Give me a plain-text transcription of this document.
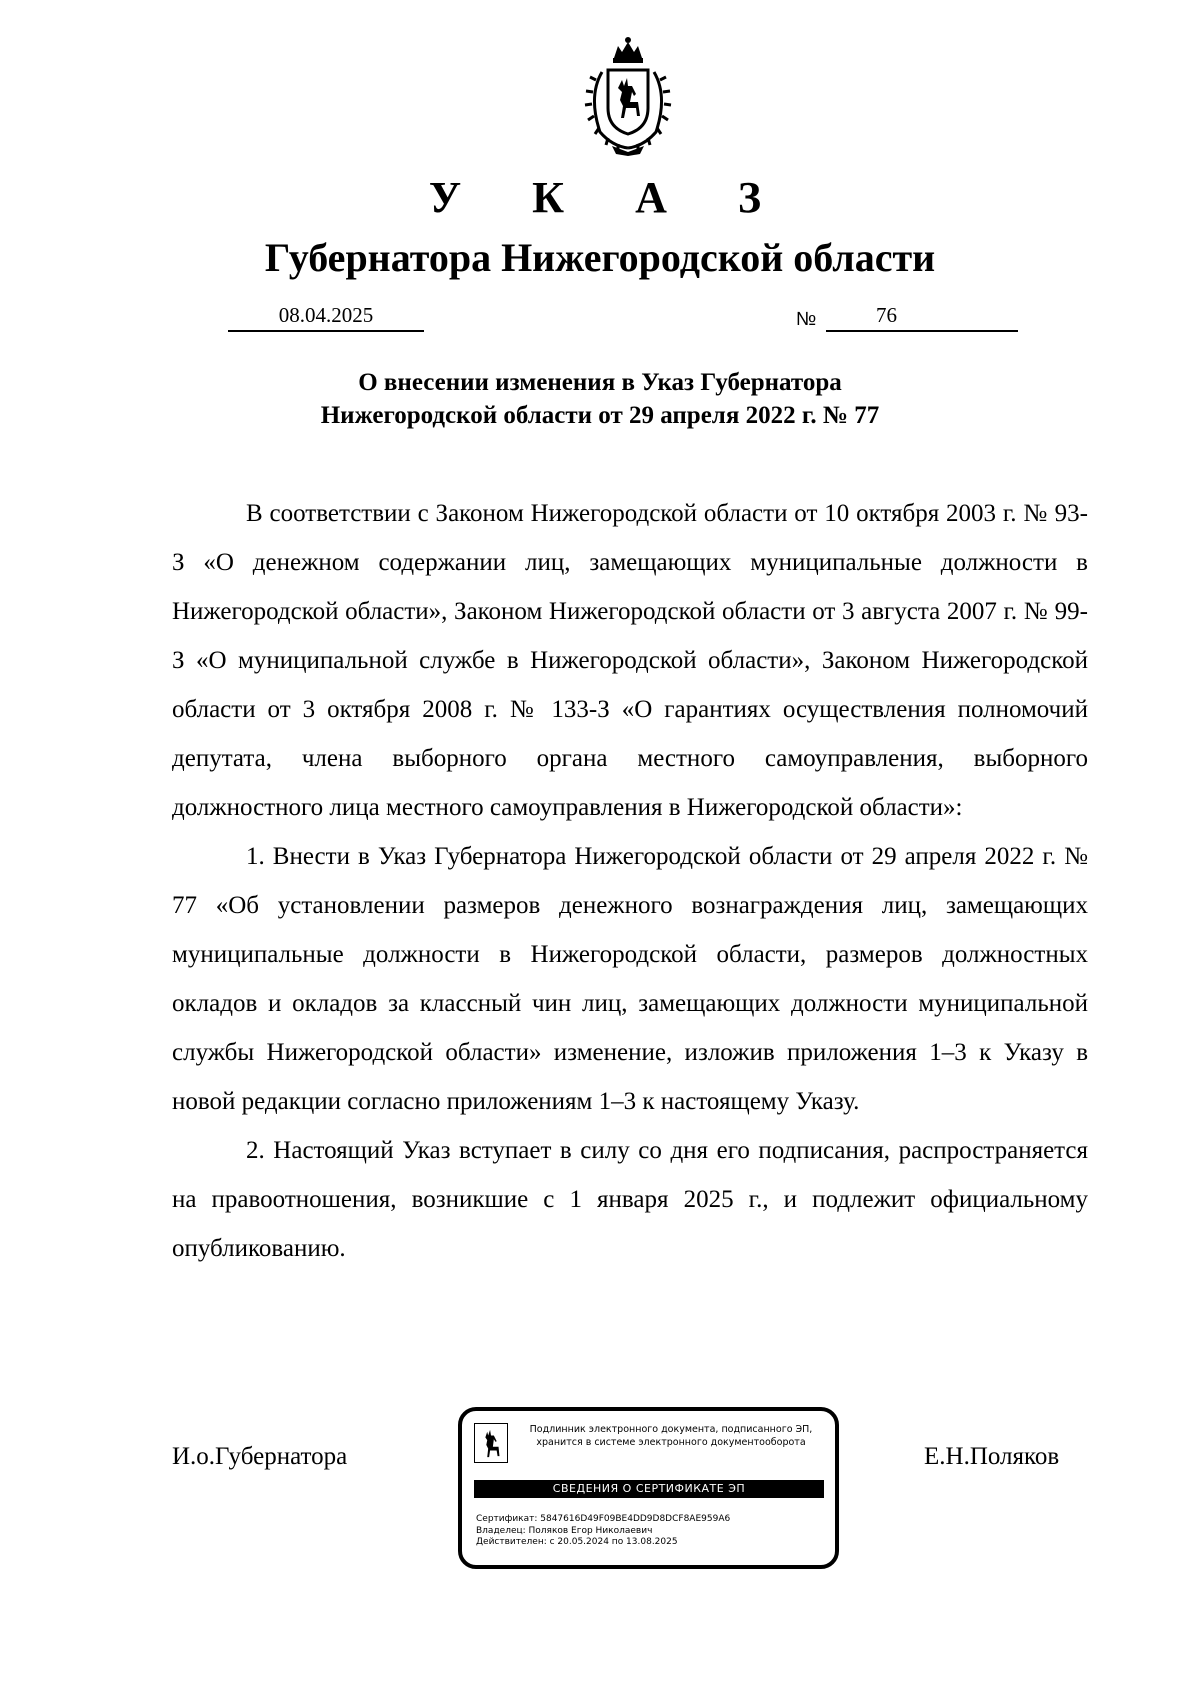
У К А З
Губернатора Нижегородской области
08.04.2025	№	76
О внесении изменения в Указ Губернатора
Нижегородской области от 29 апреля 2022 г. № 77

В соответствии с Законом Нижегородской области от 10 октября 2003 г. № 93-З «О денежном содержании лиц, замещающих муниципальные должности в Нижегородской области», Законом Нижегородской области от 3 августа 2007 г. № 99-З «О муниципальной службе в Нижегородской области», Законом Нижегородской области от 3 октября 2008 г. № 133-З «О гарантиях осуществления полномочий депутата, члена выборного органа местного самоуправления, выборного должностного лица местного самоуправления в Нижегородской области»:

1. Внести в Указ Губернатора Нижегородской области от 29 апреля 2022 г. № 77 «Об установлении размеров денежного вознаграждения лиц, замещающих муниципальные должности в Нижегородской области, размеров должностных окладов и окладов за классный чин лиц, замещающих должности муниципальной службы Нижегородской области» изменение, изложив приложения 1–3 к Указу в новой редакции согласно приложениям 1–3 к настоящему Указу.

2. Настоящий Указ вступает в силу со дня его подписания, распространяется на правоотношения, возникшие с 1 января 2025 г., и подлежит официальному опубликованию.

И.о.Губернатора	Е.Н.Поляков
Подлинник электронного документа, подписанного ЭП,
хранится в системе электронного документооборота
СВЕДЕНИЯ О СЕРТИФИКАТЕ ЭП
Сертификат: 5847616D49F09BE4DD9D8DCF8AE959A6
Владелец: Поляков Егор Николаевич
Действителен: с 20.05.2024 по 13.08.2025
